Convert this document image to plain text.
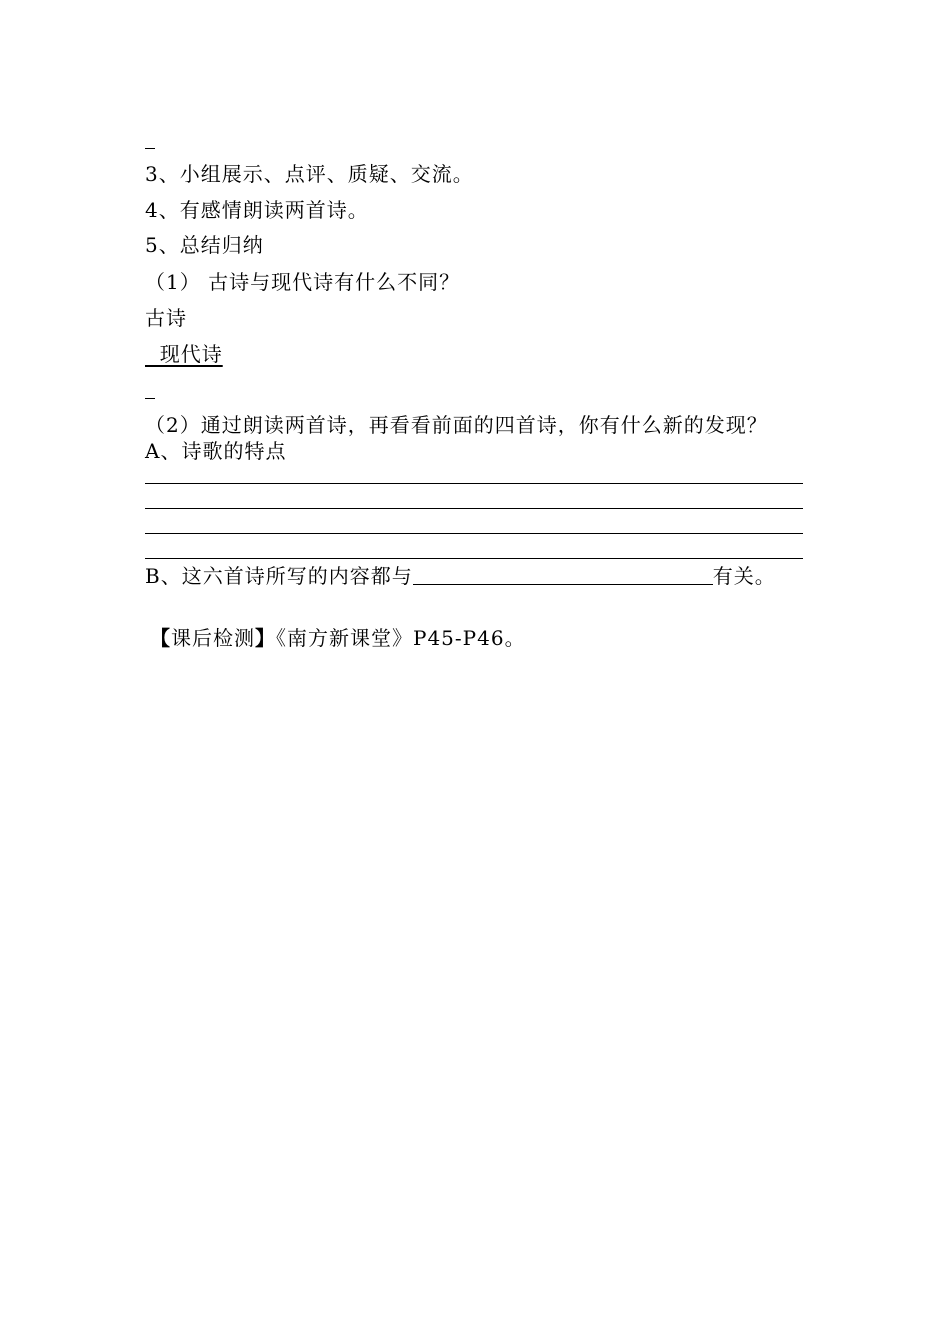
3、小组展示、点评、质疑、交流。
4、有感情朗读两首诗。
5、总结归纳
（1） 古诗与现代诗有什么不同？
古诗
现代诗
（2）通过朗读两首诗，再看看前面的四首诗，你有什么新的发现？
A、诗歌的特点
B、这六首诗所写的内容都与	有关。
【课后检测】《南方新课堂》P45-P46。
